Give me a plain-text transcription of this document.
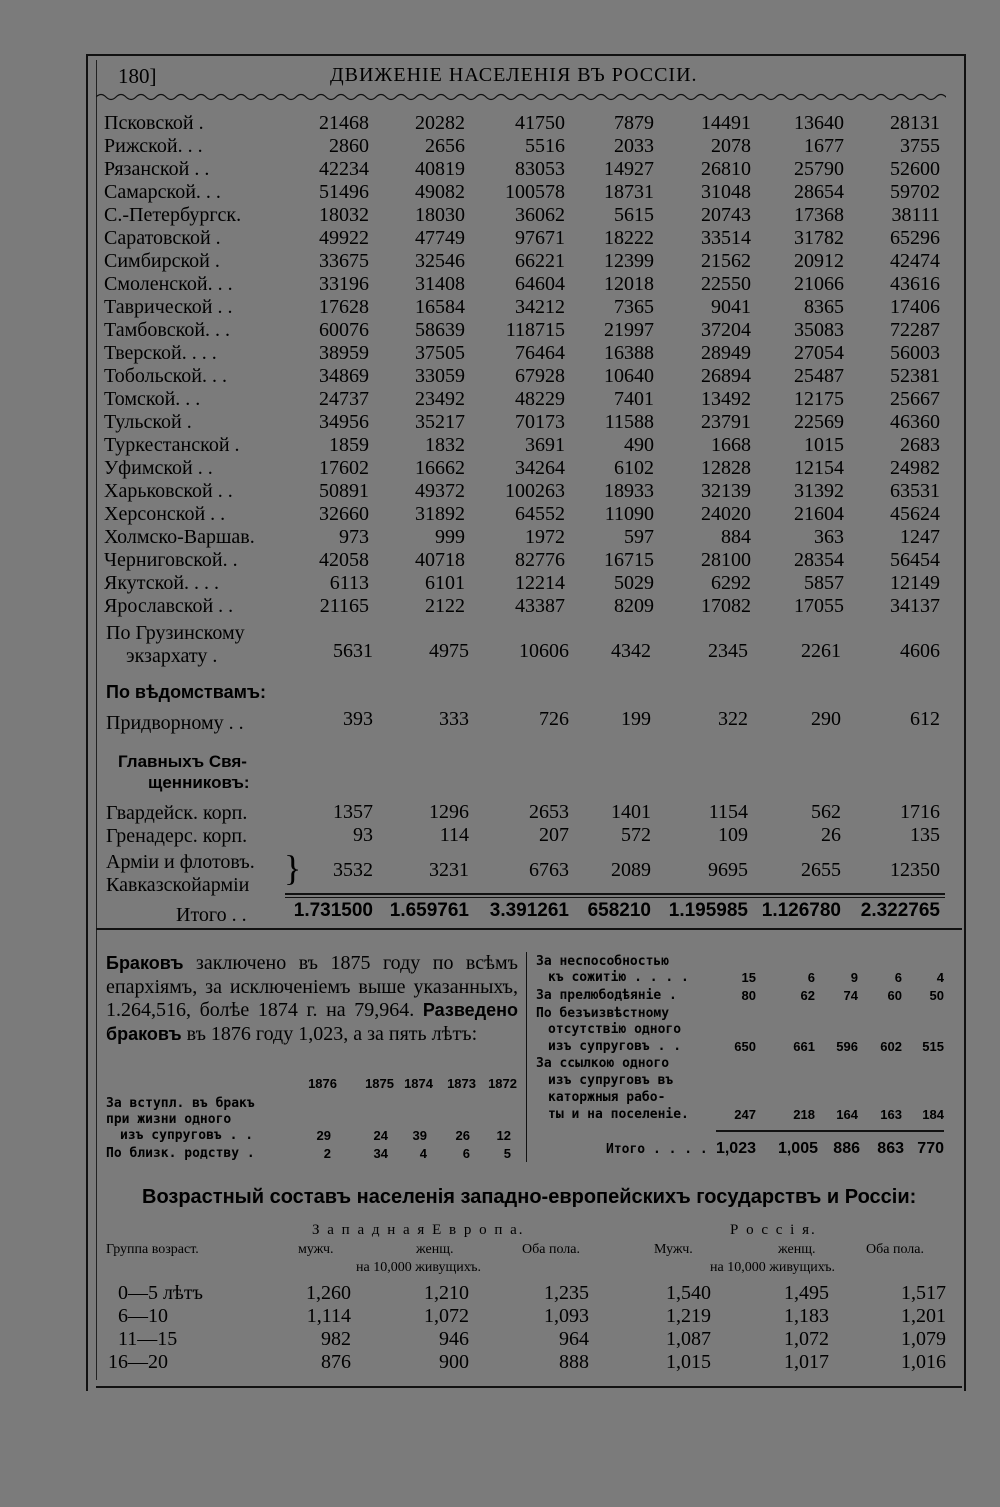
180]	ДВИЖЕНІЕ НАСЕЛЕНІЯ ВЪ РОССІИ.
Псковской .	21468 20282	41750 7879 14491 13640 28131
Рижской. . .	2860	2656	5516 2033	2078	1677	3755
Рязанской . .	42234 40819	83053 14927 26810 25790 52600
Самарской. . .	51496 49082 100578 18731 31048 28654 59702
С.-Петербургск.	18032 18030	36062 5615 20743 17368 38111
Саратовской .	49922 47749	97671 18222 33514 31782 65296
Симбирской .	33675 32546	66221 12399 21562 20912 42474
Смоленской. . .	33196 31408	64604 12018 22550 21066 43616
Таврической . .	17628 16584	34212 7365	9041	8365 17406
Тамбовской. . .	60076 58639 118715 21997 37204 35083 72287
Тверской. . . .	38959 37505	76464 16388 28949 27054 56003
Тобольской. . .	34869 33059	67928 10640 26894 25487 52381
Томской. . .	24737 23492	48229 7401 13492 12175 25667
Тульской .	34956 35217	70173 11588 23791 22569 46360
Туркестанской .	1859	1832	3691	490	1668	1015	2683
Уфимской . .	17602 16662	34264 6102 12828 12154 24982
Харьковской . .	50891 49372 100263 18933 32139 31392 63531
Херсонской . .	32660 31892	64552 11090 24020 21604 45624
Холмско-Варшав.	973	999	1972	597	884	363	1247
Черниговской. .	42058 40718	82776 16715 28100 28354 56454
Якутской. . . .	6113	6101	12214 5029	6292	5857 12149
Ярославской . .	21165	2122	43387 8209 17082 17055 34137
По Грузинскому
экзархату .	5631	4975	10606 4342	2345	2261	4606
По вѣдомствамъ:
Придворному . .	393	333	726	199	322	290	612
Главныхъ Свя-
щенниковъ:
Гвардейск. корп.	1357	1296	2653 1401	1154	562	1716
Гренадерс. корп.	93	114	207	572	109	26	135
Арміи и флотовъ.
Кавказскойарміи } 3532	3231	6763 2089	9695	2655 12350
Итого . . 1.731500 1.659761 3.391261 658210 1.195985 1.126780 2.322765
Браковъ заключено въ 1875 году по всѣмъ епархіямъ, за исключеніемъ выше указанныхъ, 1.264,516, болѣе 1874 г. на 79,964. Разведено браковъ въ 1876 году 1,023, а за пять лѣтъ:
1876 1875 1874 1873 1872
За вступл. въ бракъ
при жизни одного
изъ супруговъ . .	29	24 39 26 12
По близк. родству .	2	34 4	6	5
За неспособностью
къ сожитію . . . .	15	6	9	6	4
За прелюбодѣяніе .	80	62 74 60 50
По безъизвѣстному
отсутствію одного
изъ супруговъ . .	650	661 596 602 515
За ссылкою одного
изъ супруговъ въ
каторжныя рабо-
ты и на поселеніе.	247	218 164 163 184
Итого . . . . 1,023 1,005 886 863 770
Возрастный составъ населенія западно-европейскихъ государствъ и Россіи:
З а п а д н а я Е в р о п а.	Р о с с і я.
Группа возраст.	мужч.	женщ.	Оба пола.	Мужч.	женщ.	Оба пола.
на 10,000 живущихъ.	на 10,000 живущихъ.
0—5 лѣтъ	1,260	1,210	1,235	1,540	1,495	1,517
6—10	1,114	1,072	1,093	1,219	1,183	1,201
11—15	982	946	964	1,087	1,072	1,079
16—20	876	900	888	1,015	1,017	1,016
